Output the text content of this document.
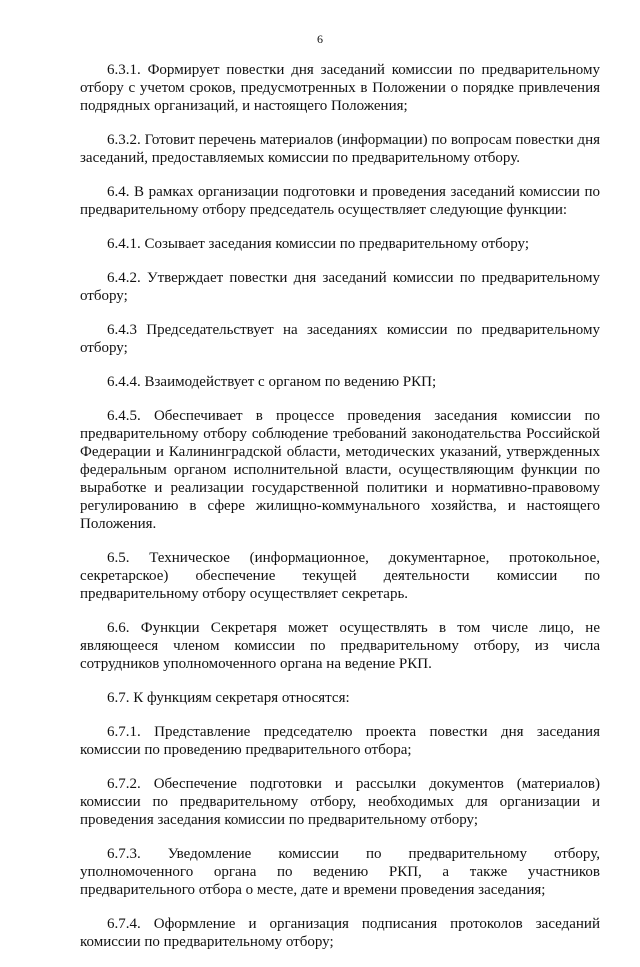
6

6.3.1. Формирует повестки дня заседаний комиссии по предварительному отбору с учетом сроков, предусмотренных в Положении о порядке привлечения подрядных организаций, и настоящего Положения;

6.3.2. Готовит перечень материалов (информации) по вопросам повестки дня заседаний, предоставляемых комиссии по предварительному отбору.

6.4. В рамках организации подготовки и проведения заседаний комиссии по предварительному отбору председатель осуществляет следующие функции:

6.4.1. Созывает заседания комиссии по предварительному отбору;

6.4.2. Утверждает повестки дня заседаний комиссии по предварительному отбору;

6.4.3 Председательствует на заседаниях комиссии по предварительному отбору;

6.4.4. Взаимодействует с органом по ведению РКП;

6.4.5. Обеспечивает в процессе проведения заседания комиссии по предварительному отбору соблюдение требований законодательства Российской Федерации и Калининградской области, методических указаний, утвержденных федеральным органом исполнительной власти, осуществляющим функции по выработке и реализации государственной политики и нормативно-правовому регулированию в сфере жилищно-коммунального хозяйства, и настоящего Положения.

6.5. Техническое (информационное, документарное, протокольное, секретарское) обеспечение текущей деятельности комиссии по предварительному отбору осуществляет секретарь.

6.6. Функции Секретаря может осуществлять в том числе лицо, не являющееся членом комиссии по предварительному отбору, из числа сотрудников уполномоченного органа на ведение РКП.

6.7. К функциям секретаря относятся:

6.7.1. Представление председателю проекта повестки дня заседания комиссии по проведению предварительного отбора;

6.7.2. Обеспечение подготовки и рассылки документов (материалов) комиссии по предварительному отбору, необходимых для организации и проведения заседания комиссии по предварительному отбору;

6.7.3. Уведомление комиссии по предварительному отбору, уполномоченного органа по ведению РКП, а также участников предварительного отбора о месте, дате и времени проведения заседания;

6.7.4. Оформление и организация подписания протоколов заседаний комиссии по предварительному отбору;
